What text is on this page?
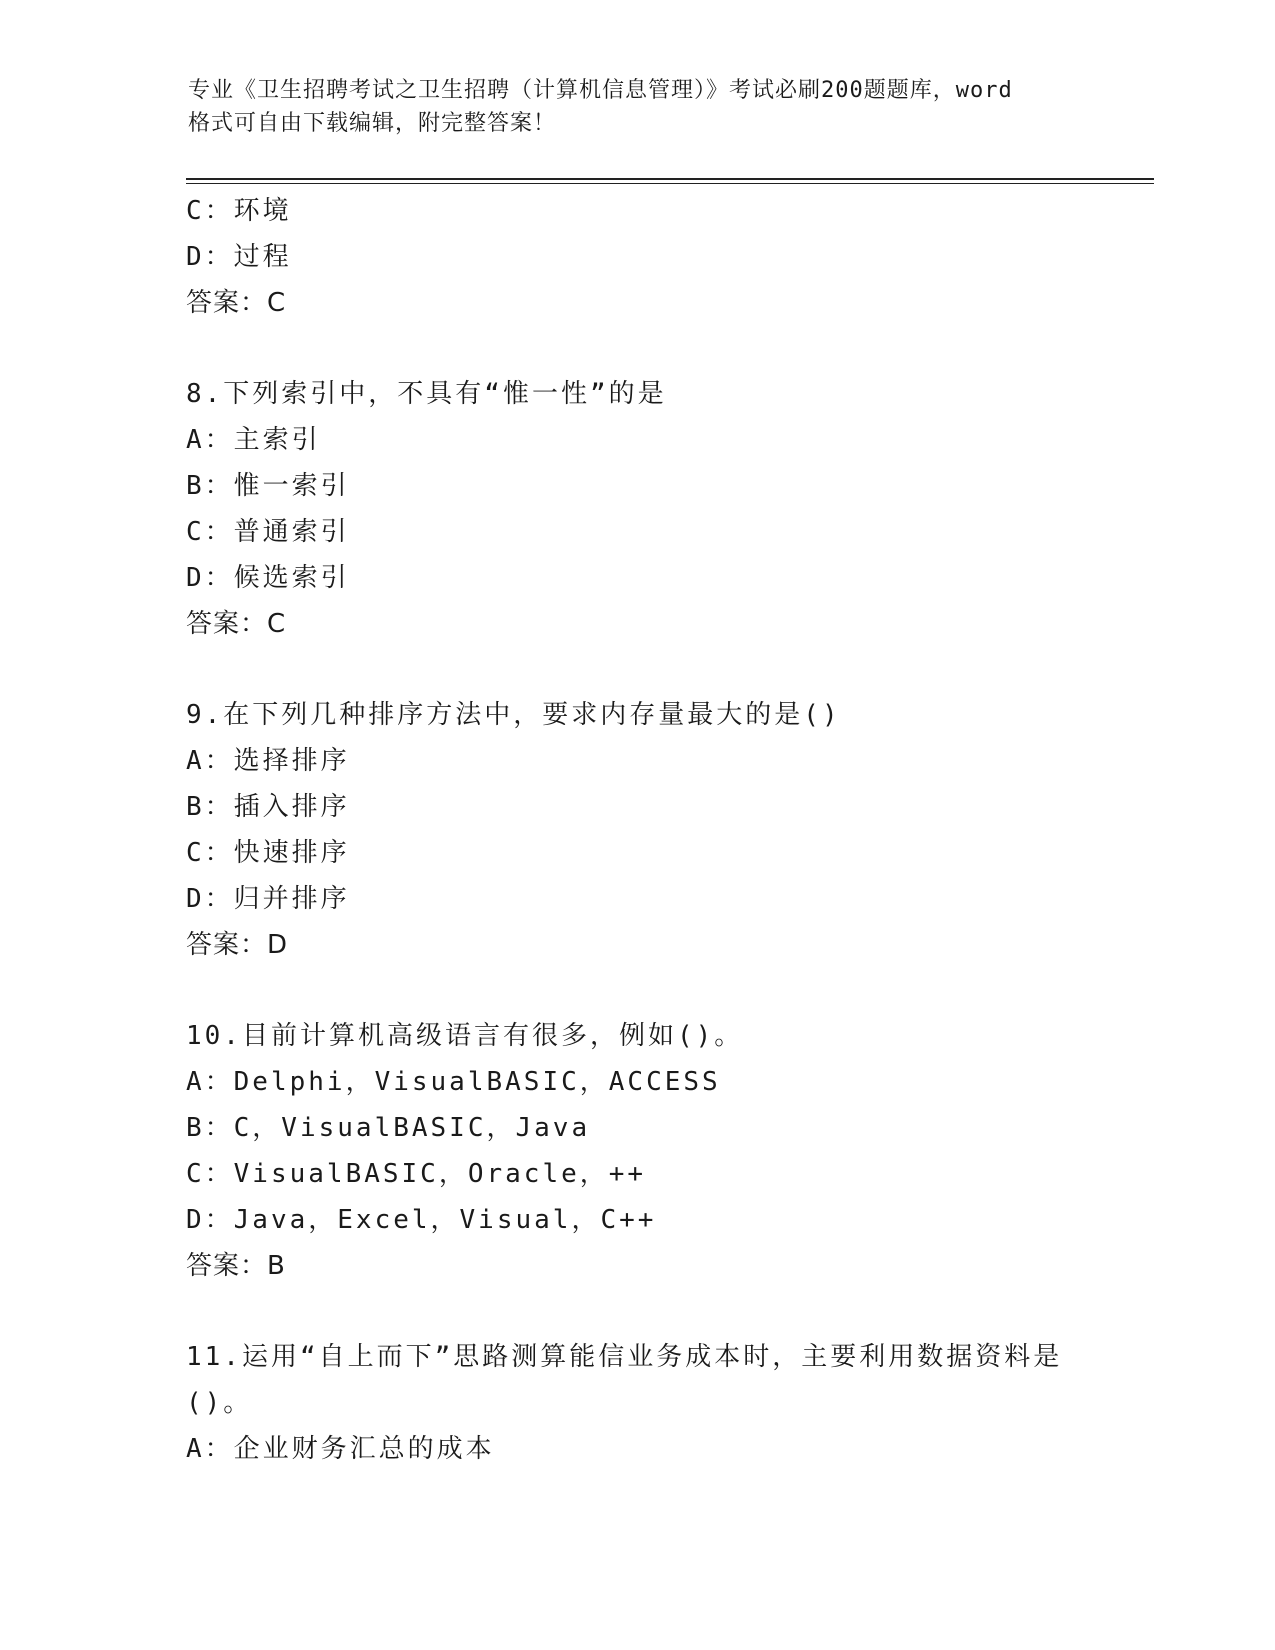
专业《卫生招聘考试之卫生招聘（计算机信息管理）》考试必刷200题题库，word
格式可自由下载编辑，附完整答案！
C：环境
D：过程
答案：C
8.下列索引中，不具有“惟一性”的是
A：主索引
B：惟一索引
C：普通索引
D：候选索引
答案：C
9.在下列几种排序方法中，要求内存量最大的是()
A：选择排序
B：插入排序
C：快速排序
D：归并排序
答案：D
10.目前计算机高级语言有很多，例如()。
A：Delphi，VisualBASIC，ACCESS
B：C，VisualBASIC，Java
C：VisualBASIC，Oracle，++
D：Java，Excel，Visual，C++
答案：B
11.运用“自上而下”思路测算能信业务成本时，主要利用数据资料是
()。
A：企业财务汇总的成本
